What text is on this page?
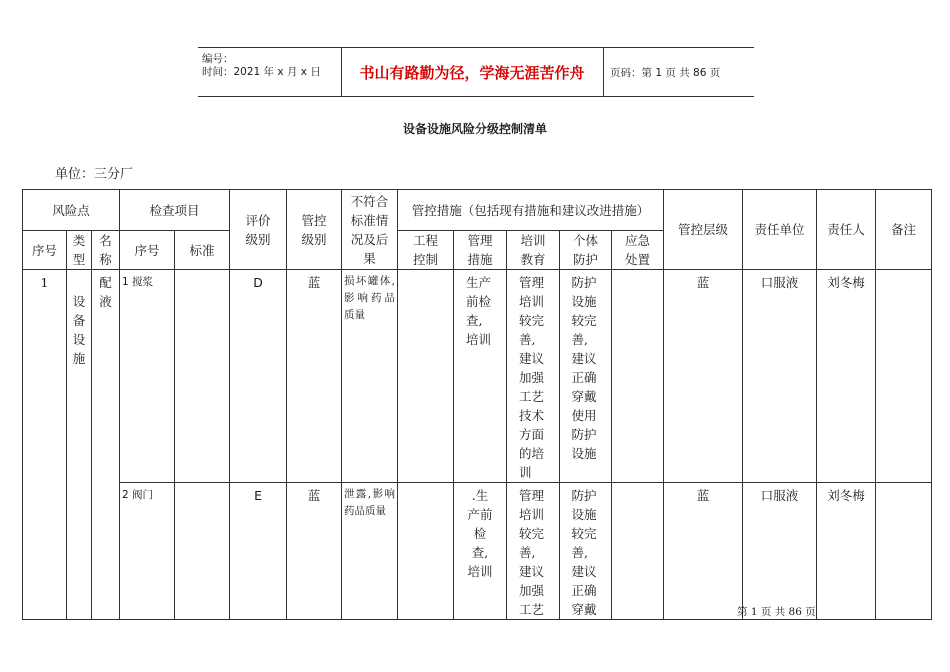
编号：
时间：2021 年 x 月 x 日	书山有路勤为径，学海无涯苦作舟	页码：第 1 页 共 86 页
设备设施风险分级控制清单
单位：三分厂
风险点			检查项目		评价级别	管控级别	不符合标准情况及后果	管控措施（包括现有措施和建议改进措施）					管控层级	责任单位	责任人	备注
序号	类型	名称	序号	标准				工程控制	管理措施	培训教育	个体防护	应急处置				

1	设备设施	配液	1 搅浆		D	蓝	损坏罐体,影响药品质量		生产前检查,培训	管理培训较完善,建议加强工艺技术方面的培训	防护设施较完善,建议正确穿戴使用防护设施		蓝	口服液	刘冬梅	

			2 阀门		E	蓝	泄露,影响药品质量		.生产前检查,培训	管理培训较完善,建议加强工艺	防护设施较完善,建议正确穿戴		蓝	口服液	刘冬梅	
第 1 页 共 86 页
